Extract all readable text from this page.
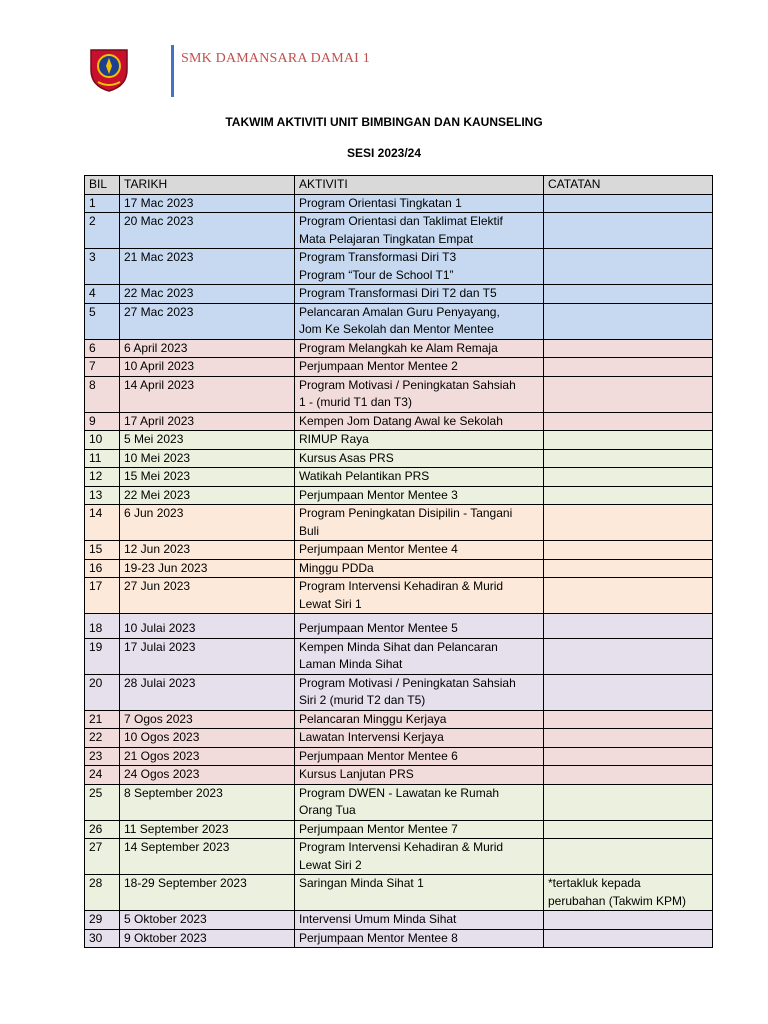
SMK DAMANSARA DAMAI 1
TAKWIM AKTIVITI UNIT BIMBINGAN DAN KAUNSELING
SESI 2023/24
BIL	TARIKH	AKTIVITI	CATATAN
1	17 Mac 2023	Program Orientasi Tingkatan 1	

2	20 Mac 2023	Program Orientasi dan Taklimat Elektif
Mata Pelajaran Tingkatan Empat	

3	21 Mac 2023	Program Transformasi Diri T3
Program “Tour de School T1”	

4	22 Mac 2023	Program Transformasi Diri T2 dan T5	

5	27 Mac 2023	Pelancaran Amalan Guru Penyayang,
Jom Ke Sekolah dan Mentor Mentee	

6	6 April 2023	Program Melangkah ke Alam Remaja	

7	10 April 2023	Perjumpaan Mentor Mentee 2	

8	14 April 2023	Program Motivasi / Peningkatan Sahsiah
1 - (murid T1 dan T3)	

9	17 April 2023	Kempen Jom Datang Awal ke Sekolah	

10	5 Mei 2023	RIMUP Raya	

11	10 Mei 2023	Kursus Asas PRS	

12	15 Mei 2023	Watikah Pelantikan PRS	

13	22 Mei 2023	Perjumpaan Mentor Mentee 3	

14	6 Jun 2023	Program Peningkatan Disipilin - Tangani
Buli	

15	12 Jun 2023	Perjumpaan Mentor Mentee 4	

16	19-23 Jun 2023	Minggu PDDa	

17	27 Jun 2023	Program Intervensi Kehadiran & Murid
Lewat Siri 1	

18	10 Julai 2023	Perjumpaan Mentor Mentee 5	

19	17 Julai 2023	Kempen Minda Sihat dan Pelancaran
Laman Minda Sihat	

20	28 Julai 2023	Program Motivasi / Peningkatan Sahsiah
Siri 2 (murid T2 dan T5)	

21	7 Ogos 2023	Pelancaran Minggu Kerjaya	

22	10 Ogos 2023	Lawatan Intervensi Kerjaya	

23	21 Ogos 2023	Perjumpaan Mentor Mentee 6	

24	24 Ogos 2023	Kursus Lanjutan PRS	

25	8 September 2023	Program DWEN - Lawatan ke Rumah
Orang Tua	

26	11 September 2023	Perjumpaan Mentor Mentee 7	

27	14 September 2023	Program Intervensi Kehadiran & Murid
Lewat Siri 2	

28	18-29 September 2023	Saringan Minda Sihat 1	*tertakluk kepada
perubahan (Takwim KPM)

29	5 Oktober 2023	Intervensi Umum Minda Sihat	

30	9 Oktober 2023	Perjumpaan Mentor Mentee 8	
